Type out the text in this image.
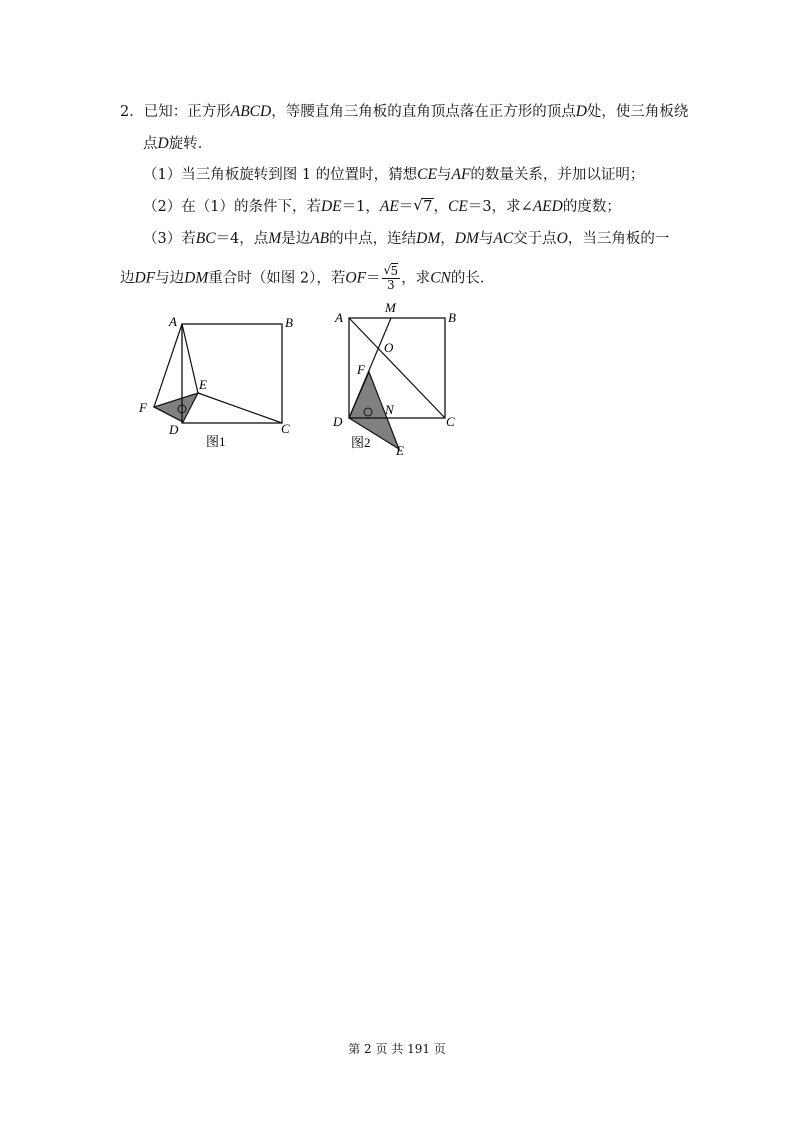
2．已知：正方形ABCD，等腰直角三角板的直角顶点落在正方形的顶点D处，使三角板绕
点D旋转．
（1）当三角板旋转到图 1 的位置时，猜想CE与AF的数量关系，并加以证明；
（2）在（1）的条件下，若DE＝1，AE＝ √ 7，CE＝3，求∠AED的度数；
（3）若BC＝4，点M是边AB的中点，连结DM，DM与AC交于点O，当三角板的一
边DF与边DM重合时（如图 2），若$OF= \frac{√ 5}{3}$ ，求CN的长．
A	B
C
D
E
F
图1
A
M
B
O
F
N
C
D
E
图2
第 2 页 共 191 页
